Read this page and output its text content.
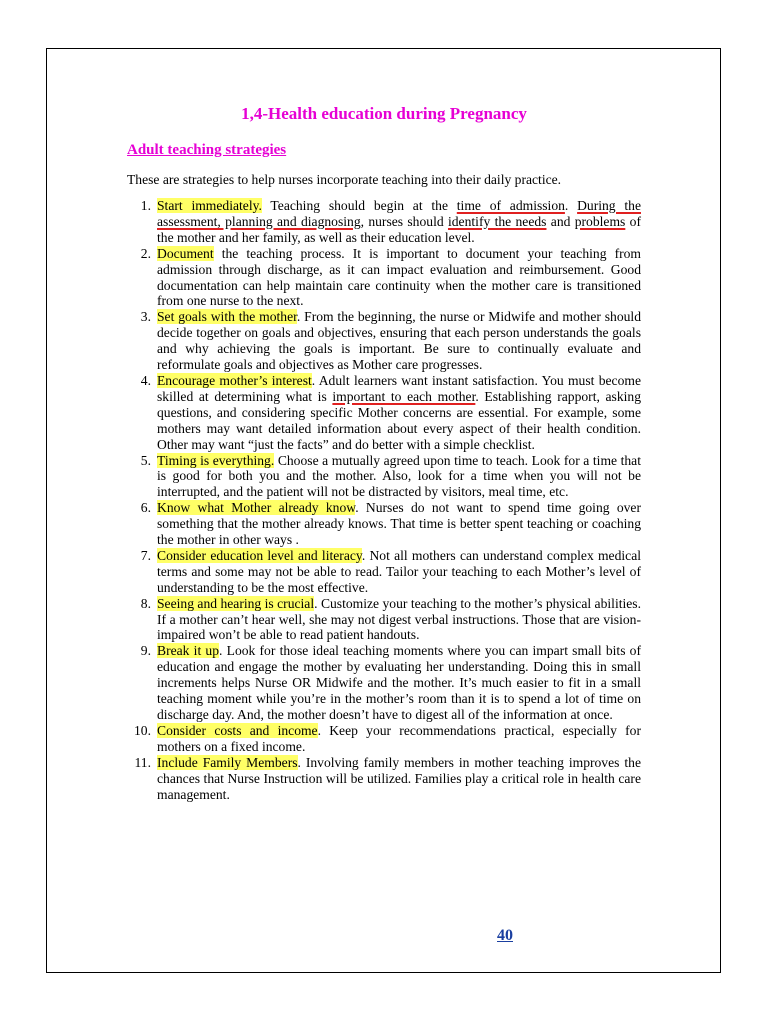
1,4-Health education during Pregnancy
Adult teaching strategies
These are strategies to help nurses incorporate teaching into their daily practice.
1. Start immediately. Teaching should begin at the time of admission. During the assessment, planning and diagnosing, nurses should identify the needs and problems of the mother and her family, as well as their education level.
2. Document the teaching process. It is important to document your teaching from admission through discharge, as it can impact evaluation and reimbursement. Good documentation can help maintain care continuity when the mother care is transitioned from one nurse to the next.
3. Set goals with the mother. From the beginning, the nurse or Midwife and mother should decide together on goals and objectives, ensuring that each person understands the goals and why achieving the goals is important. Be sure to continually evaluate and reformulate goals and objectives as Mother care progresses.
4. Encourage mother’s interest. Adult learners want instant satisfaction. You must become skilled at determining what is important to each mother. Establishing rapport, asking questions, and considering specific Mother concerns are essential. For example, some mothers may want detailed information about every aspect of their health condition. Other may want “just the facts” and do better with a simple checklist.
5. Timing is everything. Choose a mutually agreed upon time to teach. Look for a time that is good for both you and the mother. Also, look for a time when you will not be interrupted, and the patient will not be distracted by visitors, meal time, etc.
6. Know what Mother already know. Nurses do not want to spend time going over something that the mother already knows. That time is better spent teaching or coaching the mother in other ways .
7. Consider education level and literacy. Not all mothers can understand complex medical terms and some may not be able to read. Tailor your teaching to each Mother’s level of understanding to be the most effective.
8. Seeing and hearing is crucial. Customize your teaching to the mother’s physical abilities. If a mother can’t hear well, she may not digest verbal instructions. Those that are vision-impaired won’t be able to read patient handouts.
9. Break it up. Look for those ideal teaching moments where you can impart small bits of education and engage the mother by evaluating her understanding. Doing this in small increments helps Nurse OR Midwife and the mother. It’s much easier to fit in a small teaching moment while you’re in the mother’s room than it is to spend a lot of time on discharge day. And, the mother doesn’t have to digest all of the information at once.
10. Consider costs and income. Keep your recommendations practical, especially for mothers on a fixed income.
11. Include Family Members. Involving family members in mother teaching improves the chances that Nurse Instruction will be utilized. Families play a critical role in health care management.
40
